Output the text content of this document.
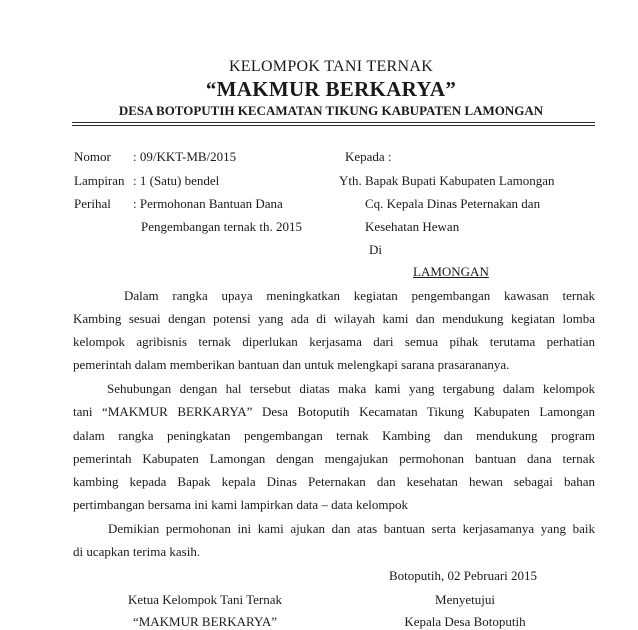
KELOMPOK TANI TERNAK
“MAKMUR BERKARYA”
DESA BOTOPUTIH KECAMATAN TIKUNG KABUPATEN LAMONGAN
Nomor : 09/KKT-MB/2015
Lampiran : 1 (Satu) bendel
Perihal : Permohonan Bantuan Dana
Pengembangan ternak th. 2015
Kepada :
Yth. Bapak Bupati Kabupaten Lamongan
Cq. Kepala Dinas Peternakan dan
Kesehatan Hewan
Di
LAMONGAN
Dalam rangka upaya meningkatkan kegiatan pengembangan kawasan ternak
Kambing sesuai dengan potensi yang ada di wilayah kami dan mendukung kegiatan lomba
kelompok agribisnis ternak diperlukan kerjasama dari semua pihak terutama perhatian
pemerintah dalam memberikan bantuan dan untuk melengkapi sarana prasarananya.
Sehubungan dengan hal tersebut diatas maka kami yang tergabung dalam kelompok
tani “MAKMUR BERKARYA” Desa Botoputih Kecamatan Tikung Kabupaten Lamongan
dalam rangka peningkatan pengembangan ternak Kambing dan mendukung program
pemerintah Kabupaten Lamongan dengan mengajukan permohonan bantuan dana ternak
kambing kepada Bapak kepala Dinas Peternakan dan kesehatan hewan sebagai bahan
pertimbangan bersama ini kami lampirkan data – data kelompok
Demikian permohonan ini kami ajukan dan atas bantuan serta kerjasamanya yang baik
di ucapkan terima kasih.
Botoputih, 02 Pebruari 2015
Ketua Kelompok Tani Ternak
“MAKMUR BERKARYA”
Menyetujui
Kepala Desa Botoputih
